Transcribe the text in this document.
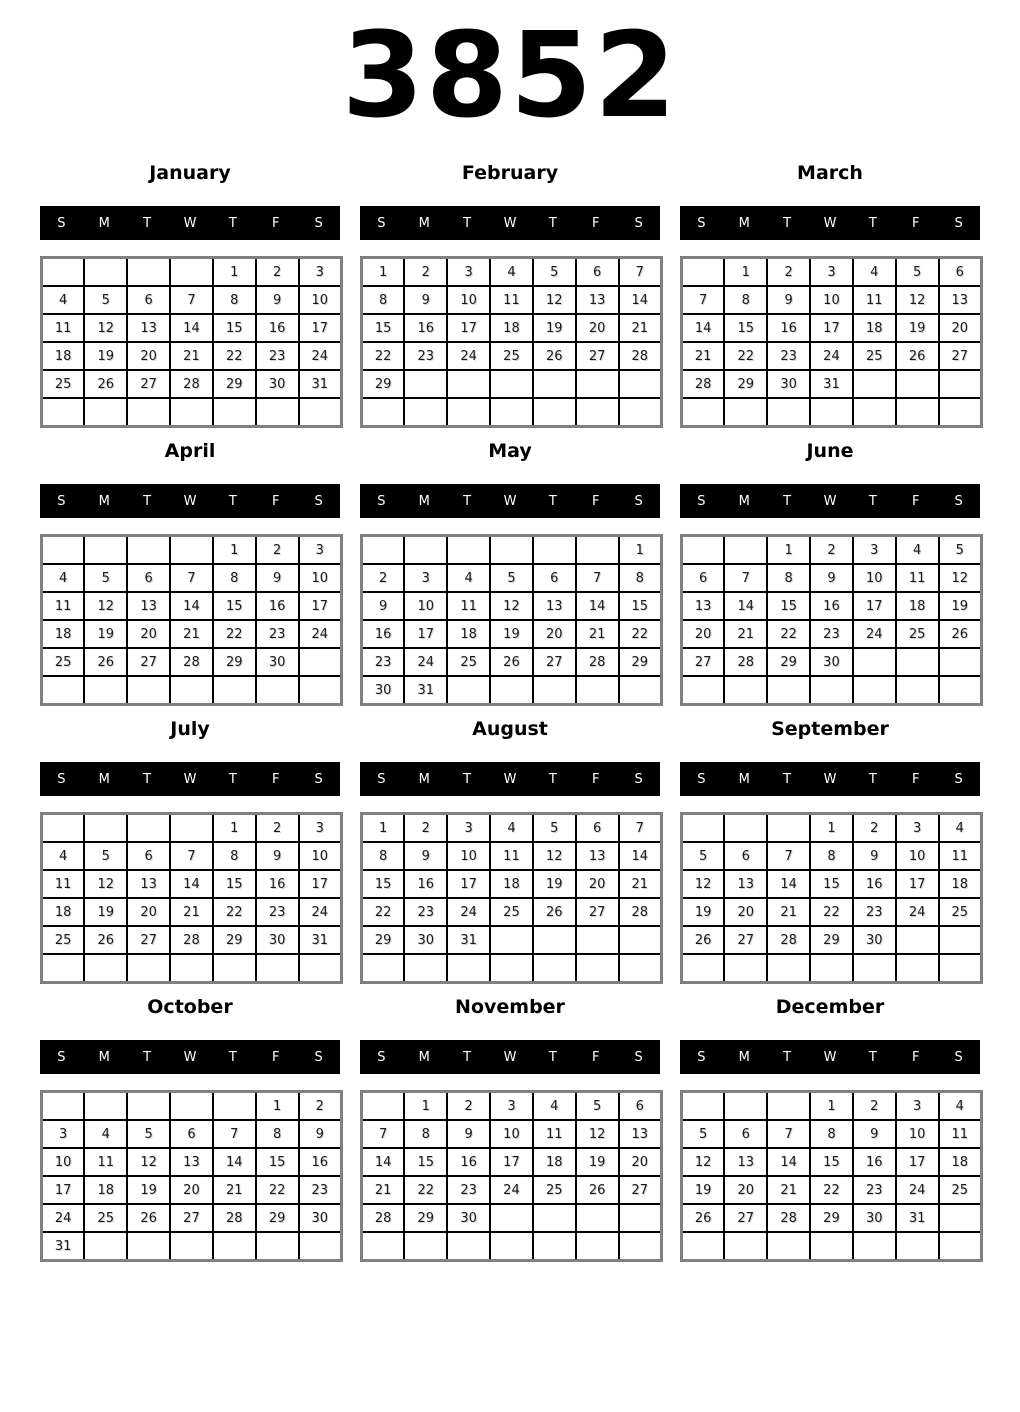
3852
January
S	M	T	W	T	F	S
				1	2	3
4	5	6	7	8	9	10
11	12	13	14	15	16	17
18	19	20	21	22	23	24
25	26	27	28	29	30	31

February
S	M	T	W	T	F	S
1	2	3	4	5	6	7
8	9	10	11	12	13	14
15	16	17	18	19	20	21
22	23	24	25	26	27	28
29						

March
S	M	T	W	T	F	S
	1	2	3	4	5	6
7	8	9	10	11	12	13
14	15	16	17	18	19	20
21	22	23	24	25	26	27
28	29	30	31			

April
S	M	T	W	T	F	S
				1	2	3
4	5	6	7	8	9	10
11	12	13	14	15	16	17
18	19	20	21	22	23	24
25	26	27	28	29	30	

May
S	M	T	W	T	F	S
						1
2	3	4	5	6	7	8
9	10	11	12	13	14	15
16	17	18	19	20	21	22
23	24	25	26	27	28	29
30	31					
June
S	M	T	W	T	F	S
		1	2	3	4	5
6	7	8	9	10	11	12
13	14	15	16	17	18	19
20	21	22	23	24	25	26
27	28	29	30			

July
S	M	T	W	T	F	S
				1	2	3
4	5	6	7	8	9	10
11	12	13	14	15	16	17
18	19	20	21	22	23	24
25	26	27	28	29	30	31

August
S	M	T	W	T	F	S
1	2	3	4	5	6	7
8	9	10	11	12	13	14
15	16	17	18	19	20	21
22	23	24	25	26	27	28
29	30	31				

September
S	M	T	W	T	F	S
			1	2	3	4
5	6	7	8	9	10	11
12	13	14	15	16	17	18
19	20	21	22	23	24	25
26	27	28	29	30		

October
S	M	T	W	T	F	S
					1	2
3	4	5	6	7	8	9
10	11	12	13	14	15	16
17	18	19	20	21	22	23
24	25	26	27	28	29	30
31						
November
S	M	T	W	T	F	S
	1	2	3	4	5	6
7	8	9	10	11	12	13
14	15	16	17	18	19	20
21	22	23	24	25	26	27
28	29	30				

December
S	M	T	W	T	F	S
			1	2	3	4
5	6	7	8	9	10	11
12	13	14	15	16	17	18
19	20	21	22	23	24	25
26	27	28	29	30	31	
